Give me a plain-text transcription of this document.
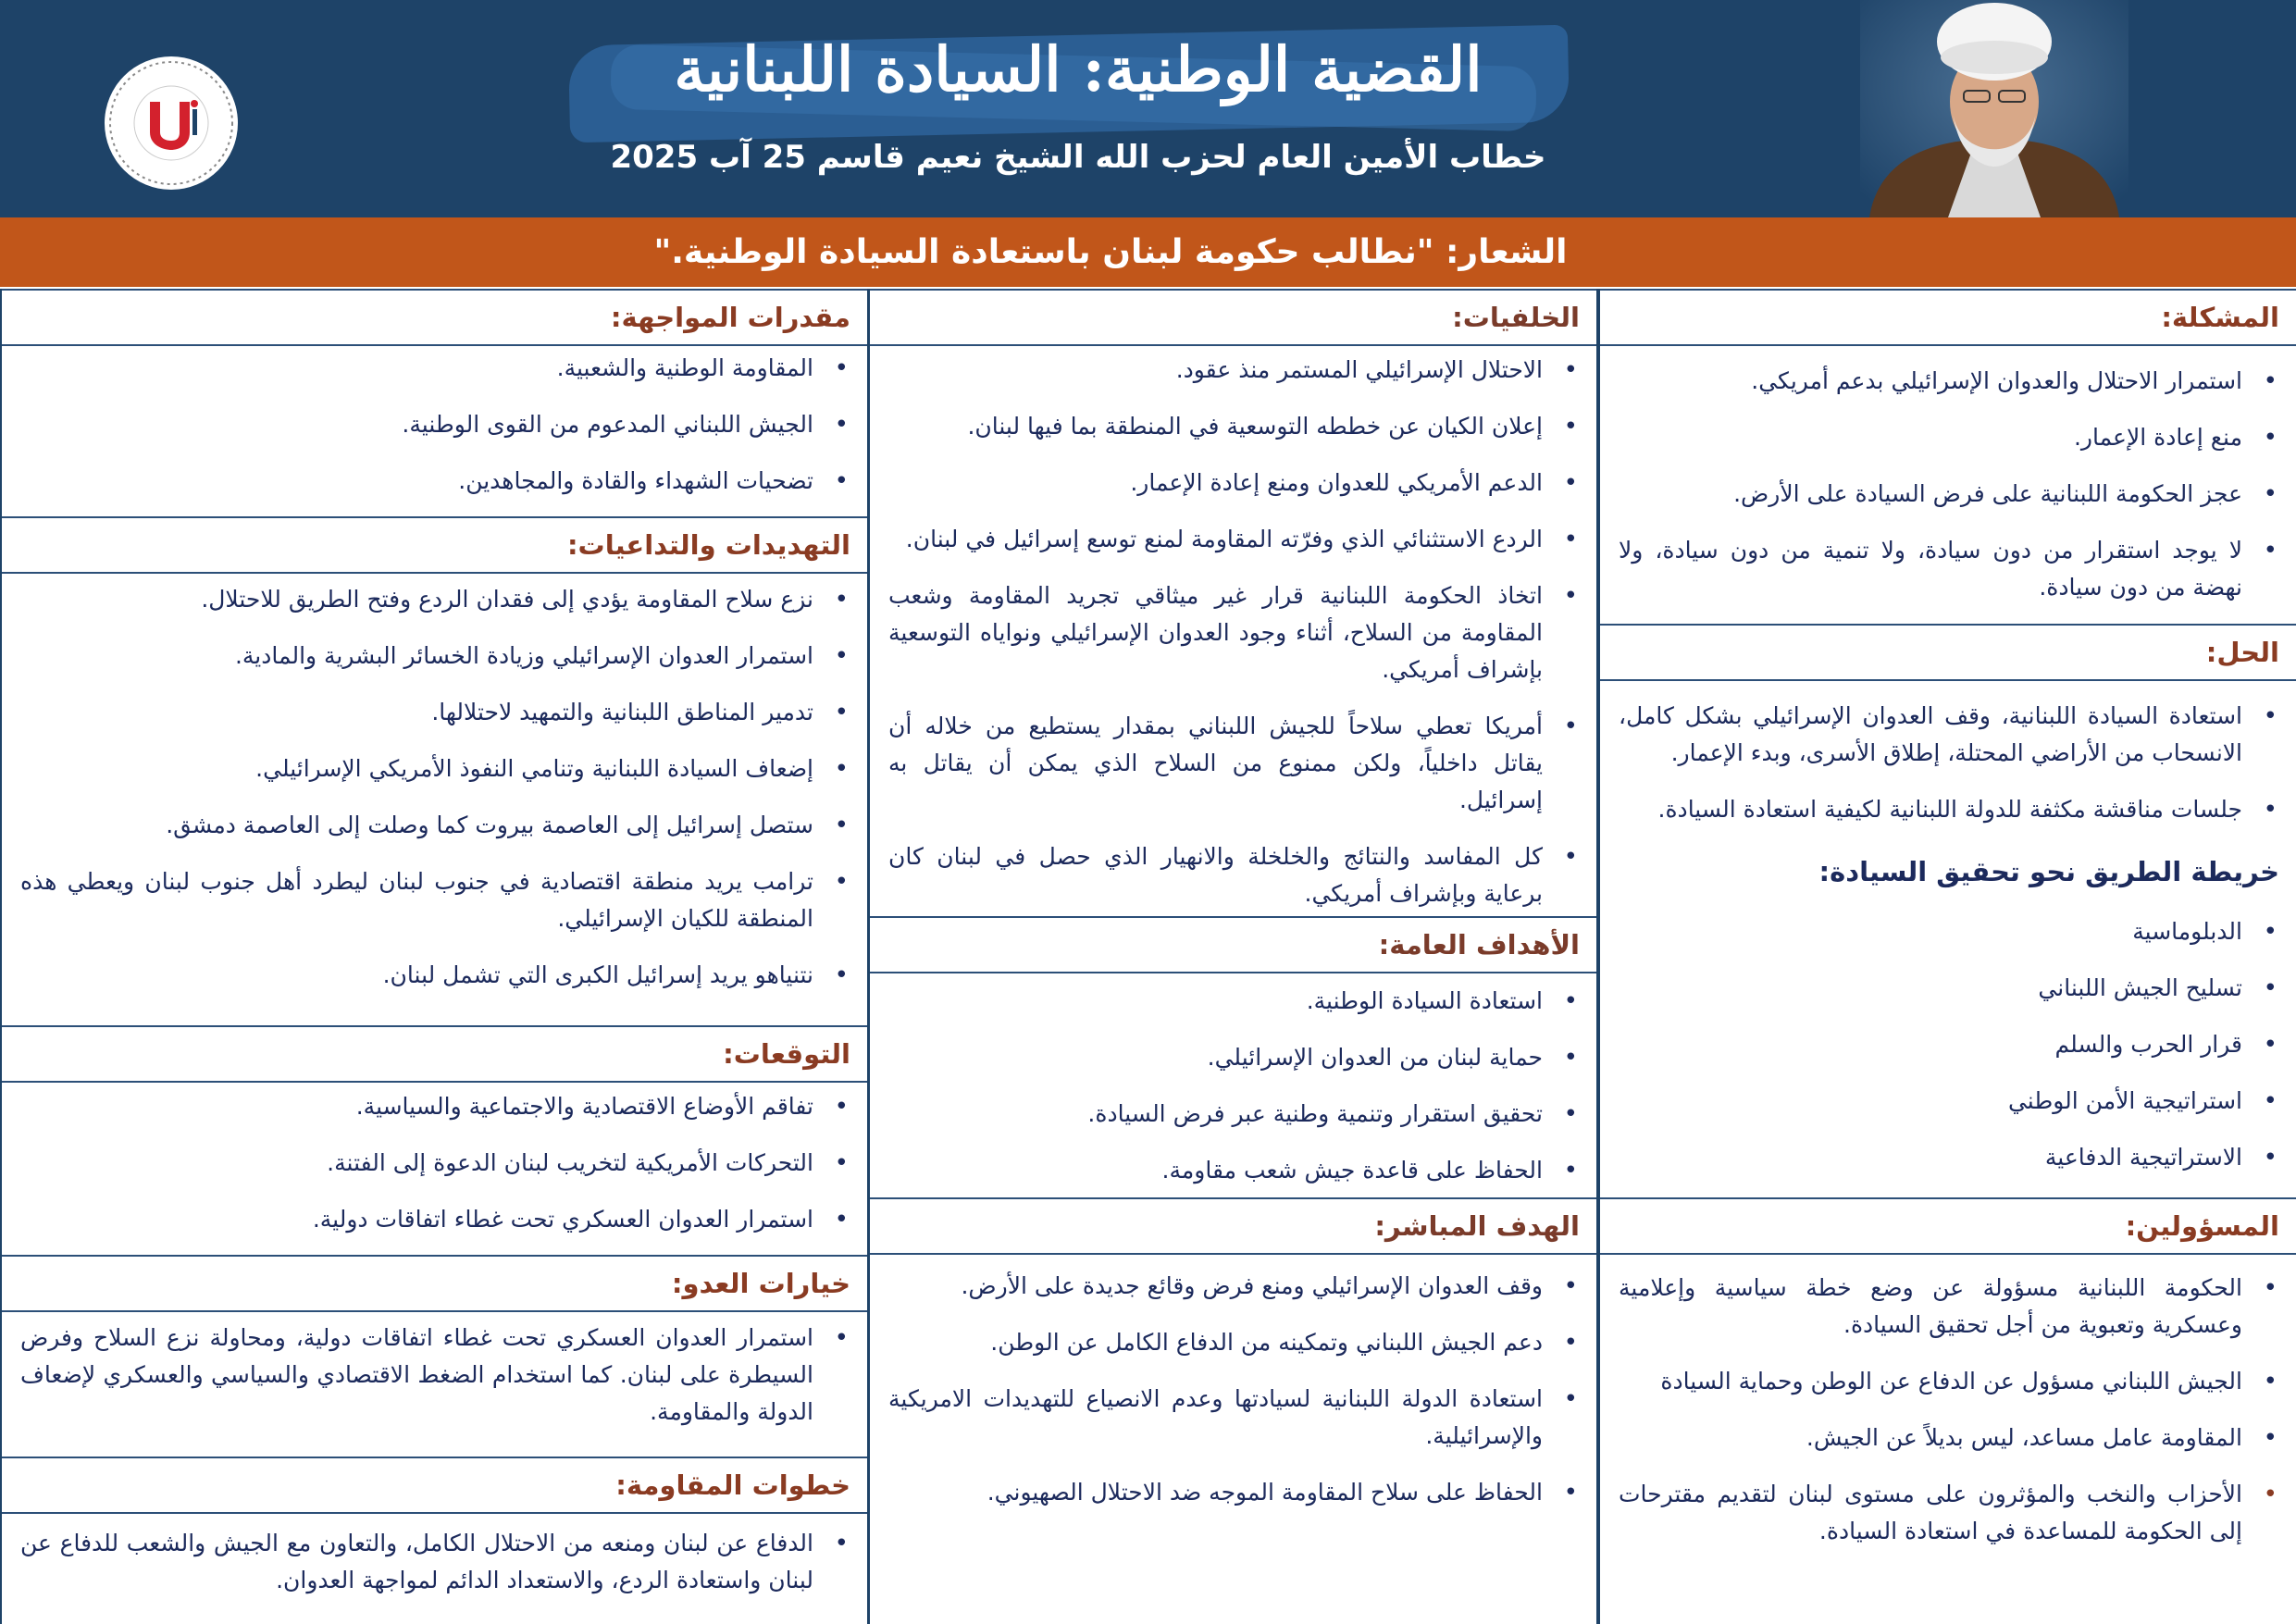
القضية الوطنية: السيادة اللبنانية
خطاب الأمين العام لحزب الله الشيخ نعيم قاسم 25 آب 2025
الشعار: "نطالب حكومة لبنان باستعادة السيادة الوطنية."
المشكلة:
• استمرار الاحتلال والعدوان الإسرائيلي بدعم أمريكي.
• منع إعادة الإعمار.
• عجز الحكومة اللبنانية على فرض السيادة على الأرض.
• لا يوجد استقرار من دون سيادة، ولا تنمية من دون سيادة، ولا نهضة من دون سيادة.
الحل:
• استعادة السيادة اللبنانية، وقف العدوان الإسرائيلي بشكل كامل، الانسحاب من الأراضي المحتلة، إطلاق الأسرى، وبدء الإعمار.
• جلسات مناقشة مكثفة للدولة اللبنانية لكيفية استعادة السيادة.
خريطة الطريق نحو تحقيق السيادة:
• الدبلوماسية
• تسليح الجيش اللبناني
• قرار الحرب والسلم
• استراتيجية الأمن الوطني
• الاستراتيجية الدفاعية
المسؤولين:
• الحكومة اللبنانية مسؤولة عن وضع خطة سياسية وإعلامية وعسكرية وتعبوية من أجل تحقيق السيادة.
• الجيش اللبناني مسؤول عن الدفاع عن الوطن وحماية السيادة
• المقاومة عامل مساعد، ليس بديلاً عن الجيش.
• الأحزاب والنخب والمؤثرون على مستوى لبنان لتقديم مقترحات إلى الحكومة للمساعدة في استعادة السيادة.
الخلفيات:
• الاحتلال الإسرائيلي المستمر منذ عقود.
• إعلان الكيان عن خططه التوسعية في المنطقة بما فيها لبنان.
• الدعم الأمريكي للعدوان ومنع إعادة الإعمار.
• الردع الاستثنائي الذي وفرّته المقاومة لمنع توسع إسرائيل في لبنان.
• اتخاذ الحكومة اللبنانية قرار غير ميثاقي تجريد المقاومة وشعب المقاومة من السلاح، أثناء وجود العدوان الإسرائيلي ونواياه التوسعية بإشراف أمريكي.
• أمريكا تعطي سلاحاً للجيش اللبناني بمقدار يستطيع من خلاله أن يقاتل داخلياً، ولكن ممنوع من السلاح الذي يمكن أن يقاتل به إسرائيل.
• كل المفاسد والنتائج والخلخلة والانهيار الذي حصل في لبنان كان برعاية وبإشراف أمريكي.
الأهداف العامة:
• استعادة السيادة الوطنية.
• حماية لبنان من العدوان الإسرائيلي.
• تحقيق استقرار وتنمية وطنية عبر فرض السيادة.
• الحفاظ على قاعدة جيش شعب مقاومة.
الهدف المباشر:
• وقف العدوان الإسرائيلي ومنع فرض وقائع جديدة على الأرض.
• دعم الجيش اللبناني وتمكينه من الدفاع الكامل عن الوطن.
• استعادة الدولة اللبنانية لسيادتها وعدم الانصياع للتهديدات الامريكية والإسرائيلية.
• الحفاظ على سلاح المقاومة الموجه ضد الاحتلال الصهيوني.
مقدرات المواجهة:
• المقاومة الوطنية والشعبية.
• الجيش اللبناني المدعوم من القوى الوطنية.
• تضحيات الشهداء والقادة والمجاهدين.
التهديدات والتداعيات:
• نزع سلاح المقاومة يؤدي إلى فقدان الردع وفتح الطريق للاحتلال.
• استمرار العدوان الإسرائيلي وزيادة الخسائر البشرية والمادية.
• تدمير المناطق اللبنانية والتمهيد لاحتلالها.
• إضعاف السيادة اللبنانية وتنامي النفوذ الأمريكي الإسرائيلي.
• ستصل إسرائيل إلى العاصمة بيروت كما وصلت إلى العاصمة دمشق.
• ترامب يريد منطقة اقتصادية في جنوب لبنان ليطرد أهل جنوب لبنان ويعطي هذه المنطقة للكيان الإسرائيلي.
• نتنياهو يريد إسرائيل الكبرى التي تشمل لبنان.
التوقعات:
• تفاقم الأوضاع الاقتصادية والاجتماعية والسياسية.
• التحركات الأمريكية لتخريب لبنان الدعوة إلى الفتنة.
• استمرار العدوان العسكري تحت غطاء اتفاقات دولية.
خيارات العدو:
• استمرار العدوان العسكري تحت غطاء اتفاقات دولية، ومحاولة نزع السلاح وفرض السيطرة على لبنان. كما استخدام الضغط الاقتصادي والسياسي والعسكري لإضعاف الدولة والمقاومة.
خطوات المقاومة:
• الدفاع عن لبنان ومنعه من الاحتلال الكامل، والتعاون مع الجيش والشعب للدفاع عن لبنان واستعادة الردع، والاستعداد الدائم لمواجهة العدوان.
